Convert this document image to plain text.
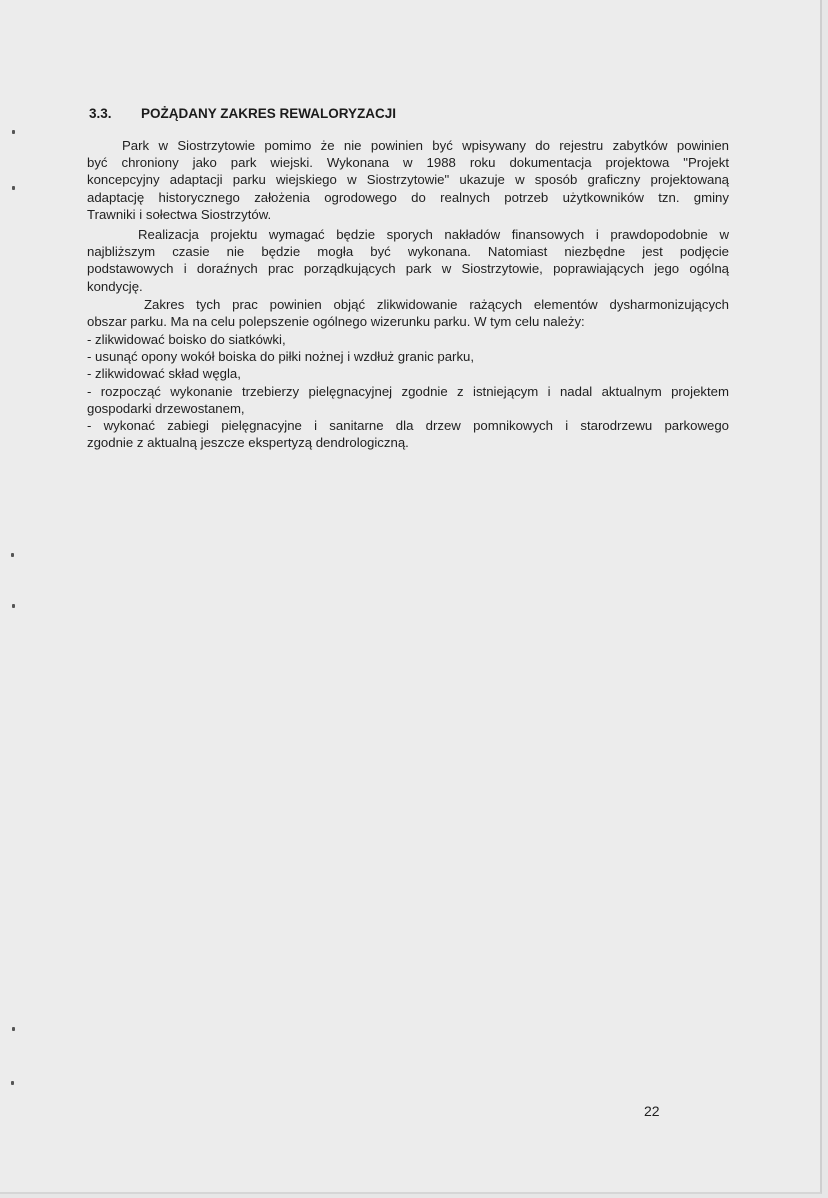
3.3. POŻĄDANY ZAKRES REWALORYZACJI
Park w Siostrzytowie pomimo że nie powinien być wpisywany do rejestru zabytków powinien
być chroniony jako park wiejski. Wykonana w 1988 roku dokumentacja projektowa "Projekt
koncepcyjny adaptacji parku wiejskiego w Siostrzytowie" ukazuje w sposób graficzny projektowaną
adaptację historycznego założenia ogrodowego do realnych potrzeb użytkowników tzn. gminy
Trawniki i sołectwa Siostrzytów.
Realizacja projektu wymagać będzie sporych nakładów finansowych i prawdopodobnie w
najbliższym czasie nie będzie mogła być wykonana. Natomiast niezbędne jest podjęcie
podstawowych i doraźnych prac porządkujących park w Siostrzytowie, poprawiających jego ogólną
kondycję.
Zakres tych prac powinien objąć zlikwidowanie rażących elementów dysharmonizujących
obszar parku. Ma na celu polepszenie ogólnego wizerunku parku. W tym celu należy:
- zlikwidować boisko do siatkówki,
- usunąć opony wokół boiska do piłki nożnej i wzdłuż granic parku,
- zlikwidować skład węgla,
- rozpocząć wykonanie trzebierzy pielęgnacyjnej zgodnie z istniejącym i nadal aktualnym projektem
gospodarki drzewostanem,
- wykonać zabiegi pielęgnacyjne i sanitarne dla drzew pomnikowych i starodrzewu parkowego
zgodnie z aktualną jeszcze ekspertyzą dendrologiczną.
22
